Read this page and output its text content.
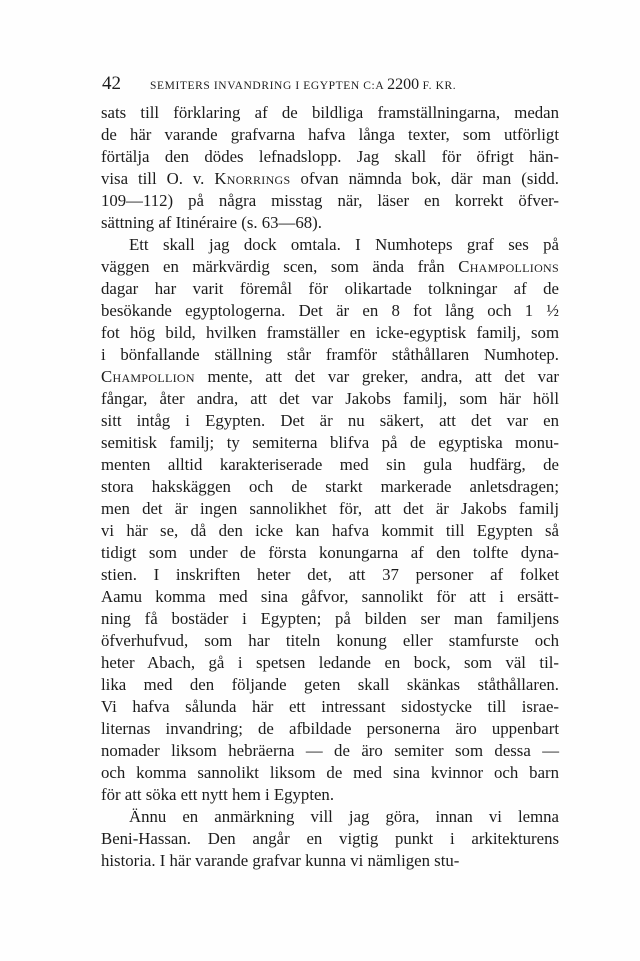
42	SEMITERS INVANDRING I EGYPTEN C:A 2200 F. KR.
sats till förklaring af de bildliga framställningarna, medan
de här varande grafvarna hafva långa texter, som utförligt
förtälja den dödes lefnadslopp. Jag skall för öfrigt hän-
visa till O. v. Knorrings ofvan nämnda bok, där man (sidd.
109—112) på några misstag när, läser en korrekt öfver-
sättning af Itinéraire (s. 63—68).
Ett skall jag dock omtala. I Numhoteps graf ses på
väggen en märkvärdig scen, som ända från Champollions
dagar har varit föremål för olikartade tolkningar af de
besökande egyptologerna. Det är en 8 fot lång och 1 ½
fot hög bild, hvilken framställer en icke-egyptisk familj, som
i bönfallande ställning står framför ståthållaren Numhotep.
Champollion mente, att det var greker, andra, att det var
fångar, åter andra, att det var Jakobs familj, som här höll
sitt intåg i Egypten. Det är nu säkert, att det var en
semitisk familj; ty semiterna blifva på de egyptiska monu-
menten alltid karakteriserade med sin gula hudfärg, de
stora hakskäggen och de starkt markerade anletsdragen;
men det är ingen sannolikhet för, att det är Jakobs familj
vi här se, då den icke kan hafva kommit till Egypten så
tidigt som under de första konungarna af den tolfte dyna-
stien. I inskriften heter det, att 37 personer af folket
Aamu komma med sina gåfvor, sannolikt för att i ersätt-
ning få bostäder i Egypten; på bilden ser man familjens
öfverhufvud, som har titeln konung eller stamfurste och
heter Abach, gå i spetsen ledande en bock, som väl til-
lika med den följande geten skall skänkas ståthållaren.
Vi hafva sålunda här ett intressant sidostycke till israe-
liternas invandring; de afbildade personerna äro uppenbart
nomader liksom hebräerna — de äro semiter som dessa —
och komma sannolikt liksom de med sina kvinnor och barn
för att söka ett nytt hem i Egypten.
Ännu en anmärkning vill jag göra, innan vi lemna
Beni-Hassan. Den angår en vigtig punkt i arkitekturens
historia. I här varande grafvar kunna vi nämligen stu-
